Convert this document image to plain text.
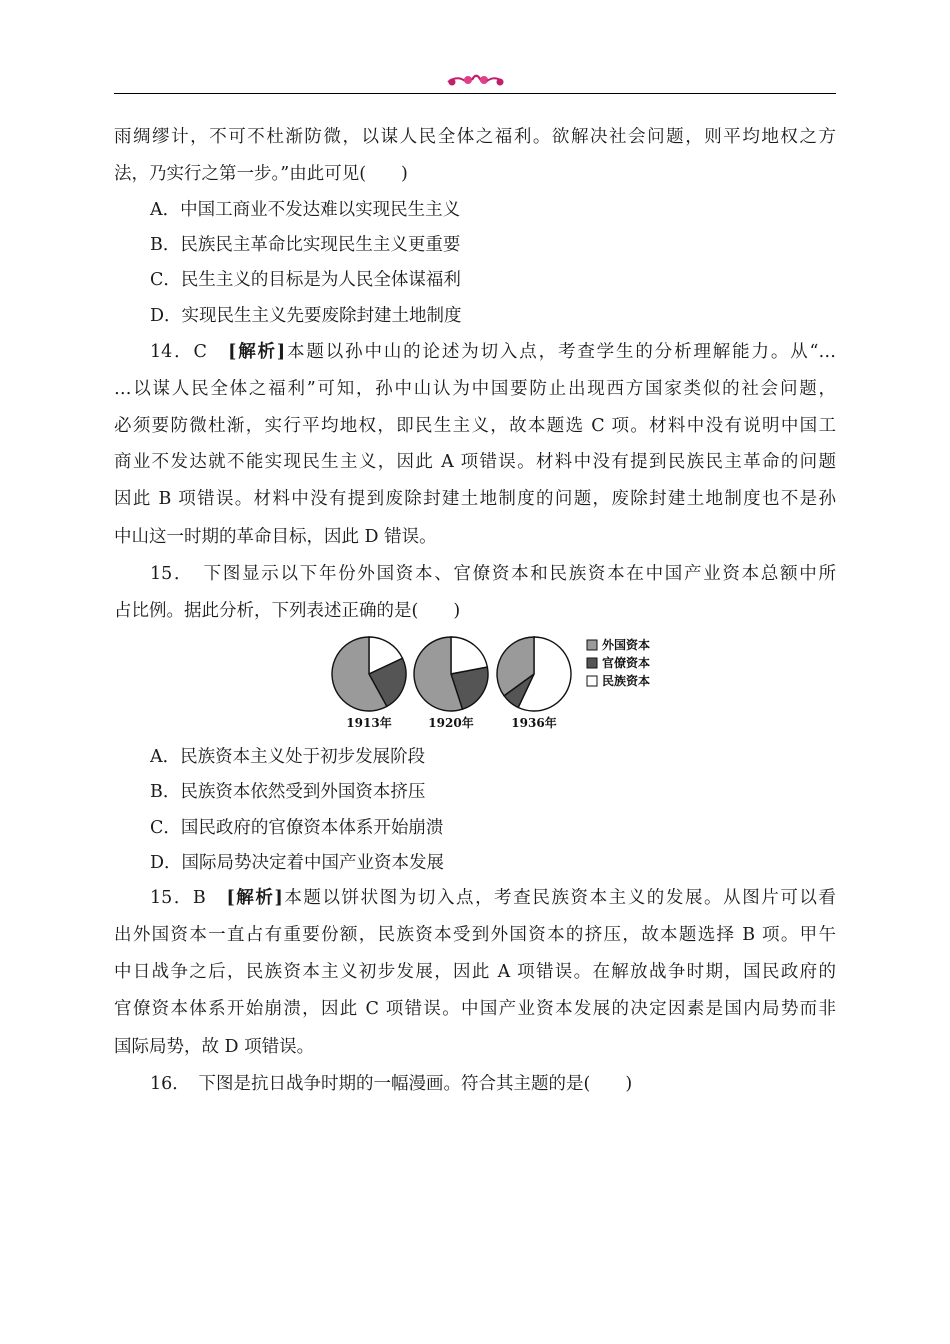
雨绸缪计，不可不杜渐防微，以谋人民全体之福利。欲解决社会问题，则平均地权之方
法，乃实行之第一步。”由此可见(　　)
A．中国工商业不发达难以实现民生主义
B．民族民主革命比实现民生主义更重要
C．民生主义的目标是为人民全体谋福利
D．实现民生主义先要废除封建土地制度
14．C　[解析]本题以孙中山的论述为切入点，考查学生的分析理解能力。从“…
…以谋人民全体之福利”可知，孙中山认为中国要防止出现西方国家类似的社会问题，
必须要防微杜渐，实行平均地权，即民生主义，故本题选 C 项。材料中没有说明中国工
商业不发达就不能实现民生主义，因此 A 项错误。材料中没有提到民族民主革命的问题
因此 B 项错误。材料中没有提到废除封建土地制度的问题，废除封建土地制度也不是孙
中山这一时期的革命目标，因此 D 错误。
15．　下图显示以下年份外国资本、官僚资本和民族资本在中国产业资本总额中所
占比例。据此分析，下列表述正确的是(　　)
1913年	1920年	1936年
外国资本
官僚资本
民族资本
A．民族资本主义处于初步发展阶段
B．民族资本依然受到外国资本挤压
C．国民政府的官僚资本体系开始崩溃
D．国际局势决定着中国产业资本发展
15．B　[解析]本题以饼状图为切入点，考查民族资本主义的发展。从图片可以看
出外国资本一直占有重要份额，民族资本受到外国资本的挤压，故本题选择 B 项。甲午
中日战争之后，民族资本主义初步发展，因此 A 项错误。在解放战争时期，国民政府的
官僚资本体系开始崩溃，因此 C 项错误。中国产业资本发展的决定因素是国内局势而非
国际局势，故 D 项错误。
16．　下图是抗日战争时期的一幅漫画。符合其主题的是(　　)
